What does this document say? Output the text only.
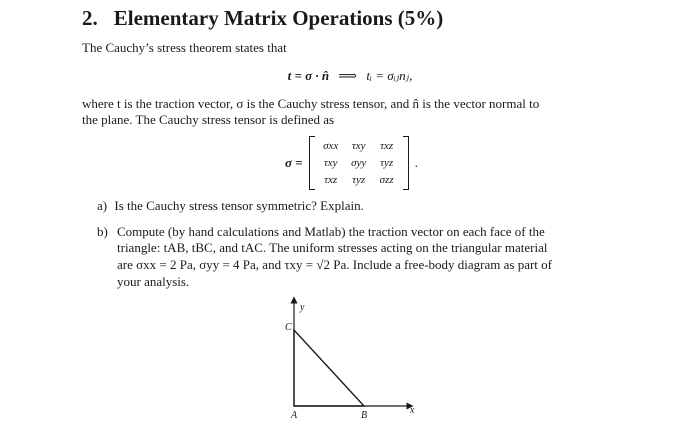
2. Elementary Matrix Operations (5%)
The Cauchy’s stress theorem states that
t = σ · n̂ ⟹ tᵢ = σᵢⱼnⱼ,
where t is the traction vector, σ is the Cauchy stress tensor, and n̂ is the vector normal to
the plane. The Cauchy stress tensor is defined as
σ =
σxx	τxy	τxz
τxy	σyy	τyz
τxz	τyz	σzz
.
a) Is the Cauchy stress tensor symmetric? Explain.
b) Compute (by hand calculations and Matlab) the traction vector on each face of the
triangle: tAB, tBC, and tAC. The uniform stresses acting on the triangular material
are σxx = 2 Pa, σyy = 4 Pa, and τxy = √2 Pa. Include a free-body diagram as part of
your analysis.
y
x
C
A	B
